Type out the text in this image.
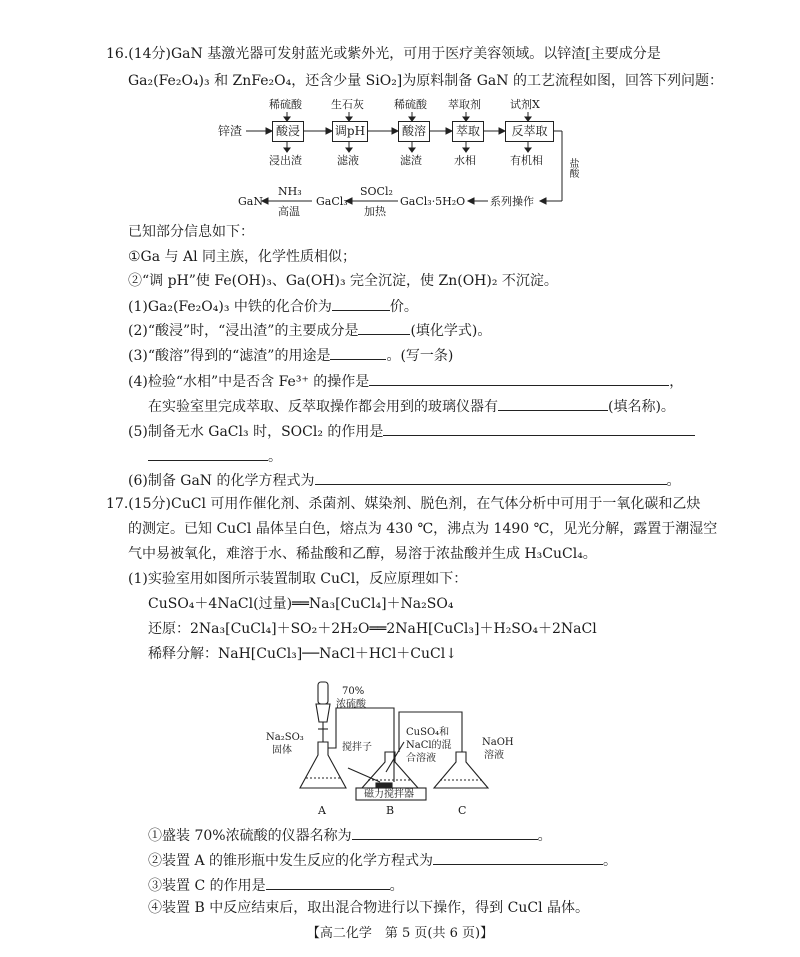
16.(14分)GaN 基激光器可发射蓝光或紫外光，可用于医疗美容领域。以锌渣[主要成分是
Ga₂(Fe₂O₄)₃ 和 ZnFe₂O₄，还含少量 SiO₂]为原料制备 GaN 的工艺流程如图，回答下列问题：
锌渣	酸浸	调pH	酸溶	萃取	反萃取
稀硫酸	生石灰	稀硫酸 萃取剂	试剂X
浸出渣	滤液	滤渣	水相	有机相 盐酸
系列操作
GaCl₃·5H₂O
SOCl₂
加热
GaCl₃
NH₃
高温
GaN
已知部分信息如下：
①Ga 与 Al 同主族，化学性质相似；
②“调 pH”使 Fe(OH)₃、Ga(OH)₃ 完全沉淀，使 Zn(OH)₂ 不沉淀。
(1)Ga₂(Fe₂O₄)₃ 中铁的化合价为	价。
(2)“酸浸”时，“浸出渣”的主要成分是	(填化学式)。
(3)“酸溶”得到的“滤渣”的用途是	。(写一条)
(4)检验“水相”中是否含 Fe³⁺ 的操作是	，
在实验室里完成萃取、反萃取操作都会用到的玻璃仪器有	(填名称)。
(5)制备无水 GaCl₃ 时，SOCl₂ 的作用是
。
(6)制备 GaN 的化学方程式为	。
17.(15分)CuCl 可用作催化剂、杀菌剂、媒染剂、脱色剂，在气体分析中可用于一氧化碳和乙炔
的测定。已知 CuCl 晶体呈白色，熔点为 430 ℃，沸点为 1490 ℃，见光分解，露置于潮湿空
气中易被氧化，难溶于水、稀盐酸和乙醇，易溶于浓盐酸并生成 H₃CuCl₄。
(1)实验室用如图所示装置制取 CuCl，反应原理如下：
CuSO₄＋4NaCl(过量)══Na₃[CuCl₄]＋Na₂SO₄
还原：2Na₃[CuCl₄]＋SO₂＋2H₂O══2NaH[CuCl₃]＋H₂SO₄＋2NaCl
稀释分解：NaH[CuCl₃]──NaCl＋HCl＋CuCl↓
70%
浓硫酸
Na₂SO₃
固体	搅拌子
CuSO₄和
NaCl的混
合溶液
NaOH
溶液
磁力搅拌器
A	B	C
①盛装 70%浓硫酸的仪器名称为	。
②装置 A 的锥形瓶中发生反应的化学方程式为	。
③装置 C 的作用是	。
④装置 B 中反应结束后，取出混合物进行以下操作，得到 CuCl 晶体。
【高二化学　第 5 页(共 6 页)】
